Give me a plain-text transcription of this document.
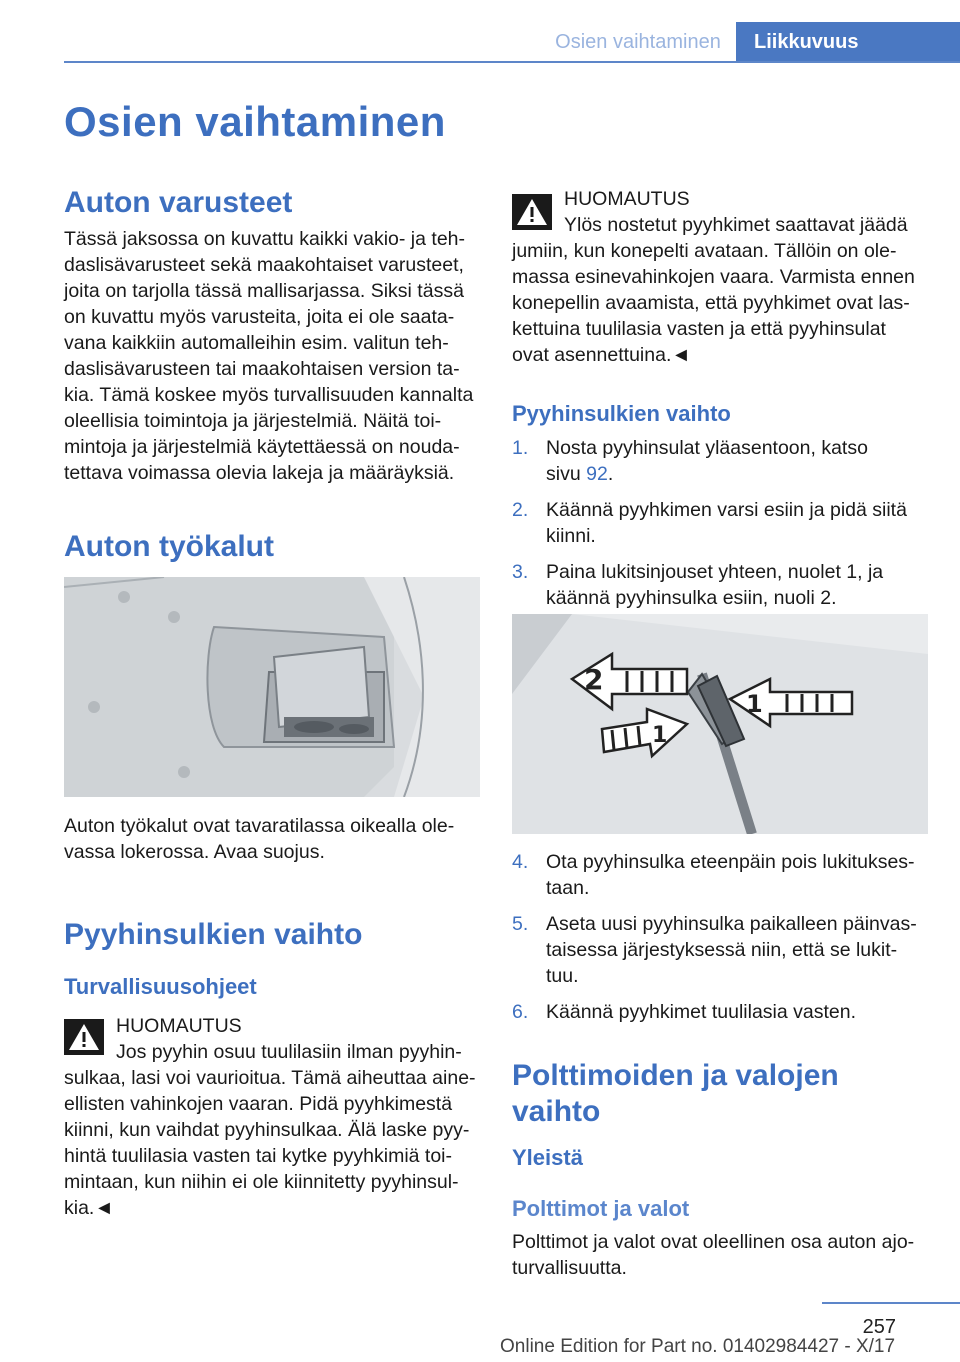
Osien vaihtaminen	Liikkuvuus
Osien vaihtaminen
Auton varusteet
Tässä jaksossa on kuvattu kaikki vakio- ja teh‐
daslisävarusteet sekä maakohtaiset varusteet,
joita on tarjolla tässä mallisarjassa. Siksi tässä
on kuvattu myös varusteita, joita ei ole saata‐
vana kaikkiin automalleihin esim. valitun teh‐
daslisävarusteen tai maakohtaisen version ta‐
kia. Tämä koskee myös turvallisuuden kannalta
oleellisia toimintoja ja järjestelmiä. Näitä toi‐
mintoja ja järjestelmiä käytettäessä on nouda‐
tettava voimassa olevia lakeja ja määräyksiä.
Auton työkalut
Auton työkalut ovat tavaratilassa oikealla ole‐
vassa lokerossa. Avaa suojus.
Pyyhinsulkien vaihto
Turvallisuusohjeet
HUOMAUTUS
Jos pyyhin osuu tuulilasiin ilman pyyhin‐
sulkaa, lasi voi vaurioitua. Tämä aiheuttaa aine‐
ellisten vahinkojen vaaran. Pidä pyyhkimestä
kiinni, kun vaihdat pyyhinsulkaa. Älä laske pyy‐
hintä tuulilasia vasten tai kytke pyyhkimiä toi‐
mintaan, kun niihin ei ole kiinnitetty pyyhinsul‐
kia.◄
HUOMAUTUS
Ylös nostetut pyyhkimet saattavat jäädä
jumiin, kun konepelti avataan. Tällöin on ole‐
massa esinevahinkojen vaara. Varmista ennen
konepellin avaamista, että pyyhkimet ovat las‐
kettuina tuulilasia vasten ja että pyyhinsulat
ovat asennettuina.◄
Pyyhinsulkien vaihto
1. Nosta pyyhinsulat yläasentoon, katso
sivu 92.
2. Käännä pyyhkimen varsi esiin ja pidä siitä
kiinni.
3. Paina lukitsinjouset yhteen, nuolet 1, ja
käännä pyyhinsulka esiin, nuoli 2.
2
1
1
4. Ota pyyhinsulka eteenpäin pois lukitukses‐
taan.
5. Aseta uusi pyyhinsulka paikalleen päinvas‐
taisessa järjestyksessä niin, että se lukit‐
tuu.
6. Käännä pyyhkimet tuulilasia vasten.
Polttimoiden ja valojen
vaihto
Yleistä
Polttimot ja valot
Polttimot ja valot ovat oleellinen osa auton ajo‐
turvallisuutta.
257
Online Edition for Part no. 01402984427 - X/17
